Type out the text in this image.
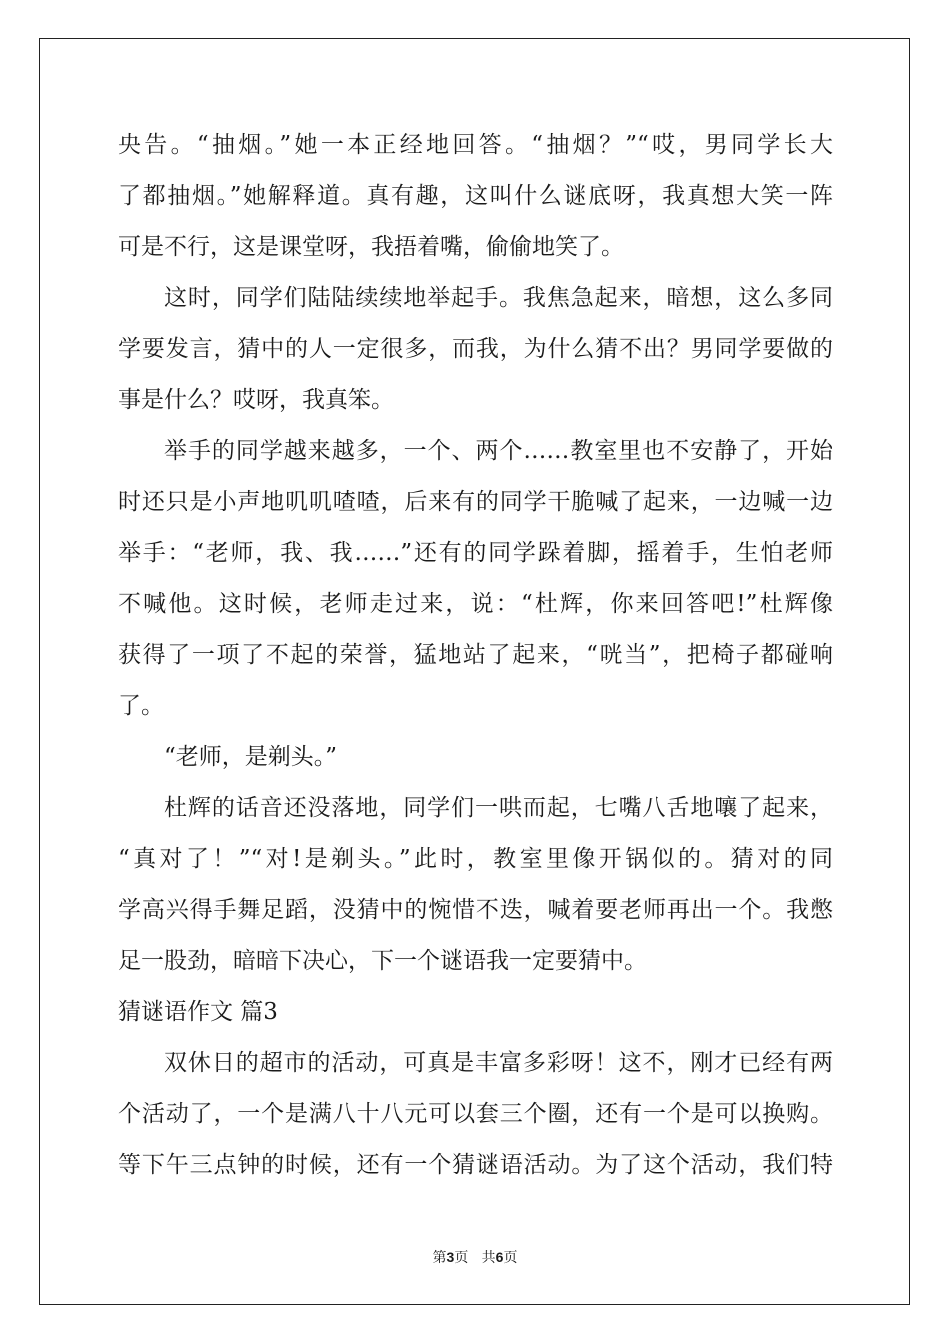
央告。“抽烟。”她一本正经地回答。“抽烟？”“哎，男同学长大
了都抽烟。”她解释道。真有趣，这叫什么谜底呀，我真想大笑一阵
可是不行，这是课堂呀，我捂着嘴，偷偷地笑了。
这时，同学们陆陆续续地举起手。我焦急起来，暗想，这么多同
学要发言，猜中的人一定很多，而我，为什么猜不出？男同学要做的
事是什么？哎呀，我真笨。
举手的同学越来越多，一个、两个……教室里也不安静了，开始
时还只是小声地叽叽喳喳，后来有的同学干脆喊了起来，一边喊一边
举手：“老师，我、我……”还有的同学跺着脚，摇着手，生怕老师
不喊他。这时候，老师走过来，说：“杜辉，你来回答吧!”杜辉像
获得了一项了不起的荣誉，猛地站了起来，“咣当”，把椅子都碰响
了。
“老师，是剃头。”
杜辉的话音还没落地，同学们一哄而起，七嘴八舌地嚷了起来，
“真对了！”“对!是剃头。”此时，教室里像开锅似的。猜对的同
学高兴得手舞足蹈，没猜中的惋惜不迭，喊着要老师再出一个。我憋
足一股劲，暗暗下决心，下一个谜语我一定要猜中。
猜谜语作文 篇3
双休日的超市的活动，可真是丰富多彩呀！这不，刚才已经有两
个活动了，一个是满八十八元可以套三个圈，还有一个是可以换购。
等下午三点钟的时候，还有一个猜谜语活动。为了这个活动，我们特
第3页   共6页
